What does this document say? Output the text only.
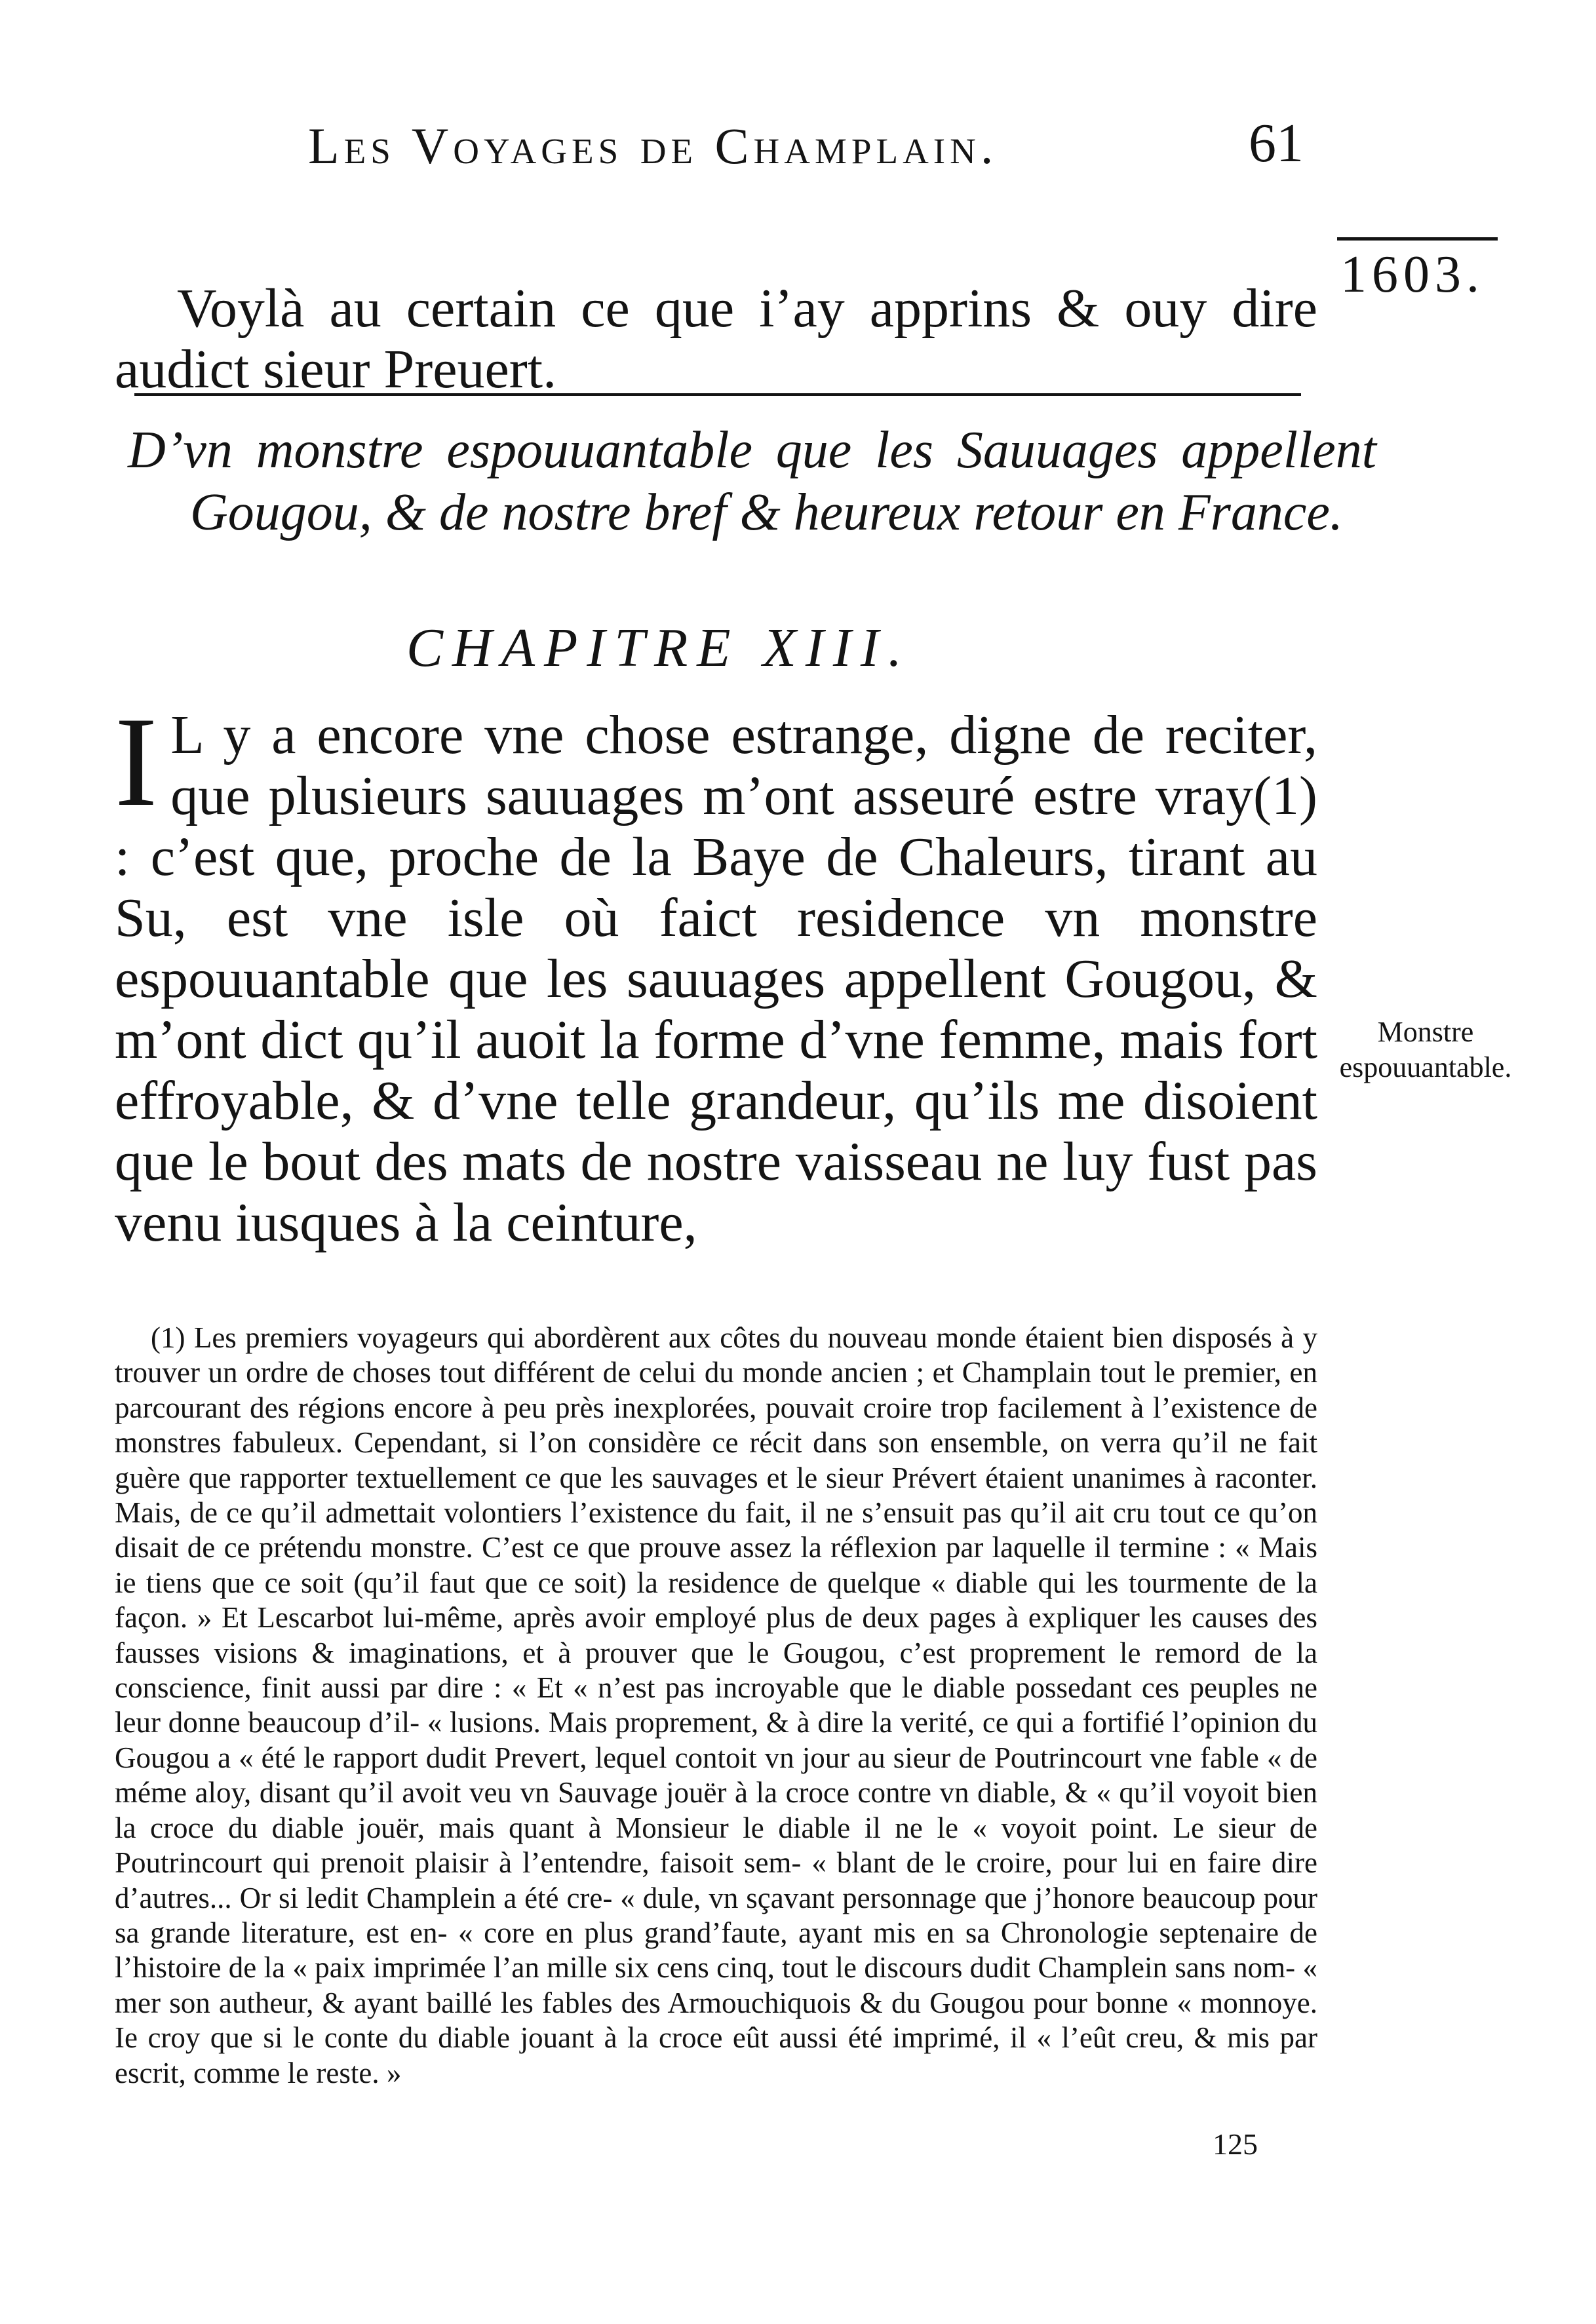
Les Voyages de Champlain.	61
1603.

Voylà au certain ce que i’ay apprins & ouy dire audict sieur Preuert.

D’vn monstre espouuantable que les Sauuages appellent Gougou, & de nostre bref & heureux retour en France.
CHAPITRE XIII.
I L y a encore vne chose estrange, digne de reciter, que plusieurs sauuages m’ont asseuré estre vray(1) : c’est que, proche de la Baye de Chaleurs, tirant au Su, est vne isle où faict residence vn monstre espouuantable que les sauuages appellent Gougou, & m’ont dict qu’il auoit la forme d’vne femme, mais fort effroyable, & d’vne telle grandeur, qu’ils me disoient que le bout des mats de nostre vaisseau ne luy fust pas venu iusques à la ceinture,
Monstre espouuantable.

(1) Les premiers voyageurs qui abordèrent aux côtes du nouveau monde étaient bien disposés à y trouver un ordre de choses tout différent de celui du monde ancien ; et Champlain tout le premier, en parcourant des régions encore à peu près inexplorées, pouvait croire trop facilement à l’existence de monstres fabuleux. Cependant, si l’on considère ce récit dans son ensemble, on verra qu’il ne fait guère que rapporter textuellement ce que les sauvages et le sieur Prévert étaient unanimes à raconter. Mais, de ce qu’il admettait volontiers l’existence du fait, il ne s’ensuit pas qu’il ait cru tout ce qu’on disait de ce prétendu monstre. C’est ce que prouve assez la réflexion par laquelle il termine : « Mais ie tiens que ce soit (qu’il faut que ce soit) la residence de quelque « diable qui les tourmente de la façon. » Et Lescarbot lui-même, après avoir employé plus de deux pages à expliquer les causes des fausses visions & imaginations, et à prouver que le Gougou, c’est proprement le remord de la conscience, finit aussi par dire : « Et « n’est pas incroyable que le diable possedant ces peuples ne leur donne beaucoup d’il- « lusions. Mais proprement, & à dire la verité, ce qui a fortifié l’opinion du Gougou a « été le rapport dudit Prevert, lequel contoit vn jour au sieur de Poutrincourt vne fable « de méme aloy, disant qu’il avoit veu vn Sauvage jouër à la croce contre vn diable, & « qu’il voyoit bien la croce du diable jouër, mais quant à Monsieur le diable il ne le « voyoit point. Le sieur de Poutrincourt qui prenoit plaisir à l’entendre, faisoit sem- « blant de le croire, pour lui en faire dire d’autres... Or si ledit Champlein a été cre- « dule, vn sçavant personnage que j’honore beaucoup pour sa grande literature, est en- « core en plus grand’faute, ayant mis en sa Chronologie septenaire de l’histoire de la « paix imprimée l’an mille six cens cinq, tout le discours dudit Champlein sans nom- « mer son autheur, & ayant baillé les fables des Armouchiquois & du Gougou pour bonne « monnoye. Ie croy que si le conte du diable jouant à la croce eût aussi été imprimé, il « l’eût creu, & mis par escrit, comme le reste. »

125
